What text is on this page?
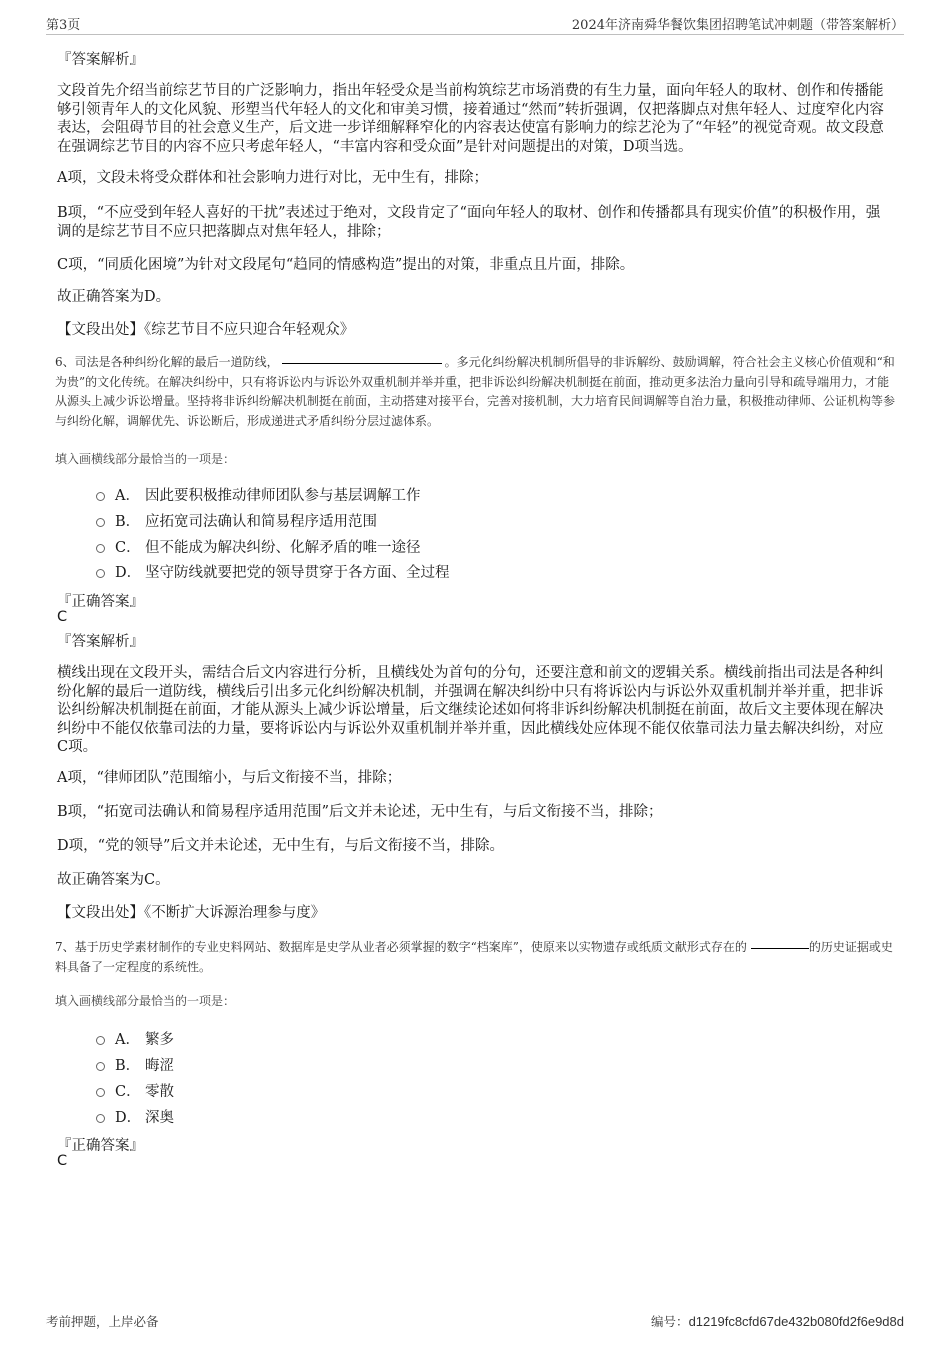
第3页	2024年济南舜华餐饮集团招聘笔试冲刺题（带答案解析）
『答案解析』

文段首先介绍当前综艺节目的广泛影响力，指出年轻受众是当前构筑综艺市场消费的有生力量，面向年轻人的取材、创作和传播能够引领青年人的文化风貌、形塑当代年轻人的文化和审美习惯，接着通过“然而”转折强调，仅把落脚点对焦年轻人、过度窄化内容表达，会阻碍节目的社会意义生产，后文进一步详细解释窄化的内容表达使富有影响力的综艺沦为了“年轻”的视觉奇观。故文段意在强调综艺节目的内容不应只考虑年轻人，“丰富内容和受众面”是针对问题提出的对策，D项当选。

A项，文段未将受众群体和社会影响力进行对比，无中生有，排除；

B项，“不应受到年轻人喜好的干扰”表述过于绝对，文段肯定了“面向年轻人的取材、创作和传播都具有现实价值”的积极作用，强调的是综艺节目不应只把落脚点对焦年轻人，排除；

C项，“同质化困境”为针对文段尾句“趋同的情感构造”提出的对策，非重点且片面，排除。

故正确答案为D。

【文段出处】《综艺节目不应只迎合年轻观众》

6、司法是各种纠纷化解的最后一道防线，	。多元化纠纷解决机制所倡导的非诉解纷、鼓励调解，符合社会主义核心价值观和“和为贵”的文化传统。在解决纠纷中，只有将诉讼内与诉讼外双重机制并举并重，把非诉讼纠纷解决机制挺在前面，推动更多法治力量向引导和疏导端用力，才能从源头上减少诉讼增量。坚持将非诉纠纷解决机制挺在前面，主动搭建对接平台，完善对接机制，大力培育民间调解等自治力量，积极推动律师、公证机构等参与纠纷化解，调解优先、诉讼断后，形成递进式矛盾纠纷分层过滤体系。

填入画横线部分最恰当的一项是：
A． 因此要积极推动律师团队参与基层调解工作
B． 应拓宽司法确认和简易程序适用范围
C． 但不能成为解决纠纷、化解矛盾的唯一途径
D． 坚守防线就要把党的领导贯穿于各方面、全过程
『正确答案』
C
『答案解析』

横线出现在文段开头，需结合后文内容进行分析，且横线处为首句的分句，还要注意和前文的逻辑关系。横线前指出司法是各种纠纷化解的最后一道防线，横线后引出多元化纠纷解决机制，并强调在解决纠纷中只有将诉讼内与诉讼外双重机制并举并重，把非诉讼纠纷解决机制挺在前面，才能从源头上减少诉讼增量，后文继续论述如何将非诉纠纷解决机制挺在前面，故后文主要体现在解决纠纷中不能仅依靠司法的力量，要将诉讼内与诉讼外双重机制并举并重，因此横线处应体现不能仅依靠司法力量去解决纠纷，对应C项。

A项，“律师团队”范围缩小，与后文衔接不当，排除；

B项，“拓宽司法确认和简易程序适用范围”后文并未论述，无中生有，与后文衔接不当，排除；

D项，“党的领导”后文并未论述，无中生有，与后文衔接不当，排除。

故正确答案为C。

【文段出处】《不断扩大诉源治理参与度》

7、基于历史学素材制作的专业史料网站、数据库是史学从业者必须掌握的数字“档案库”，使原来以实物遗存或纸质文献形式存在的	的历史证据或史料具备了一定程度的系统性。

填入画横线部分最恰当的一项是：
A． 繁多
B． 晦涩
C． 零散
D． 深奥
『正确答案』
C
考前押题，上岸必备	编号：d1219fc8cfd67de432b080fd2f6e9d8d
